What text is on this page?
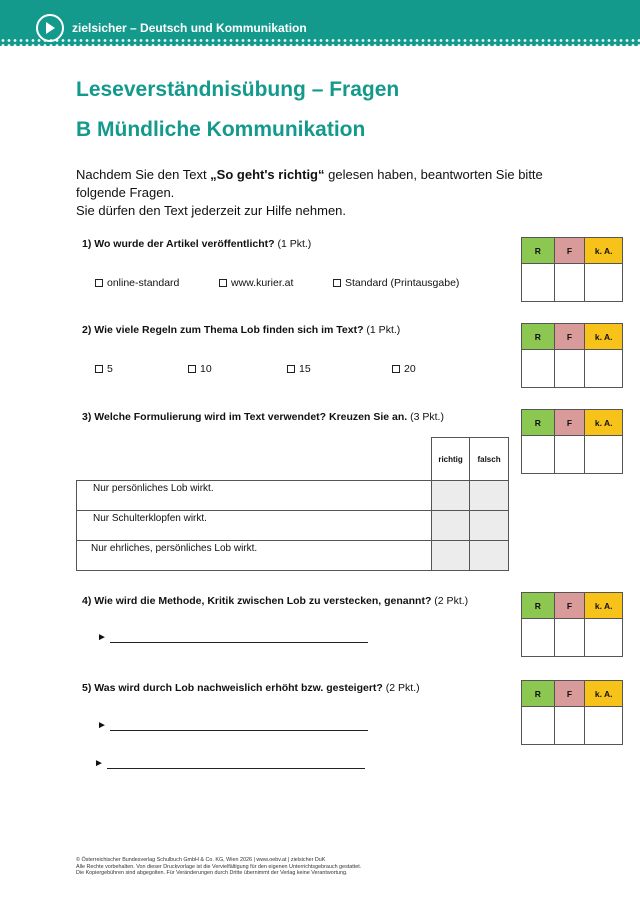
zielsicher – Deutsch und Kommunikation
Leseverständnisübung – Fragen
B Mündliche Kommunikation
Nachdem Sie den Text „So geht's richtig“ gelesen haben, beantworten Sie bitte folgende Fragen.
Sie dürfen den Text jederzeit zur Hilfe nehmen.
1) Wo wurde der Artikel veröffentlicht? (1 Pkt.)
online-standard	www.kurier.at	Standard (Printausgabe)
R	F	k. A.

2) Wie viele Regeln zum Thema Lob finden sich im Text? (1 Pkt.)
5	10	15	20
R	F	k. A.

3) Welche Formulierung wird im Text verwendet? Kreuzen Sie an. (3 Pkt.)	R	F	k. A.

	richtig	falsch
Nur persönliches Lob wirkt.		
Nur Schulterklopfen wirkt.		
Nur ehrliches, persönliches Lob wirkt.		
4) Wie wird die Methode, Kritik zwischen Lob zu verstecken, genannt? (2 Pkt.)
►
R	F	k. A.

5) Was wird durch Lob nachweislich erhöht bzw. gesteigert? (2 Pkt.)
►
►
R	F	k. A.

© Österreichischer Bundesverlag Schulbuch GmbH & Co. KG, Wien 2026 | www.oebv.at | zielsicher DuK
Alle Rechte vorbehalten. Von dieser Druckvorlage ist die Vervielfältigung für den eigenen Unterrichtsgebrauch gestattet.
Die Kopiergebühren sind abgegolten. Für Veränderungen durch Dritte übernimmt der Verlag keine Verantwortung.
